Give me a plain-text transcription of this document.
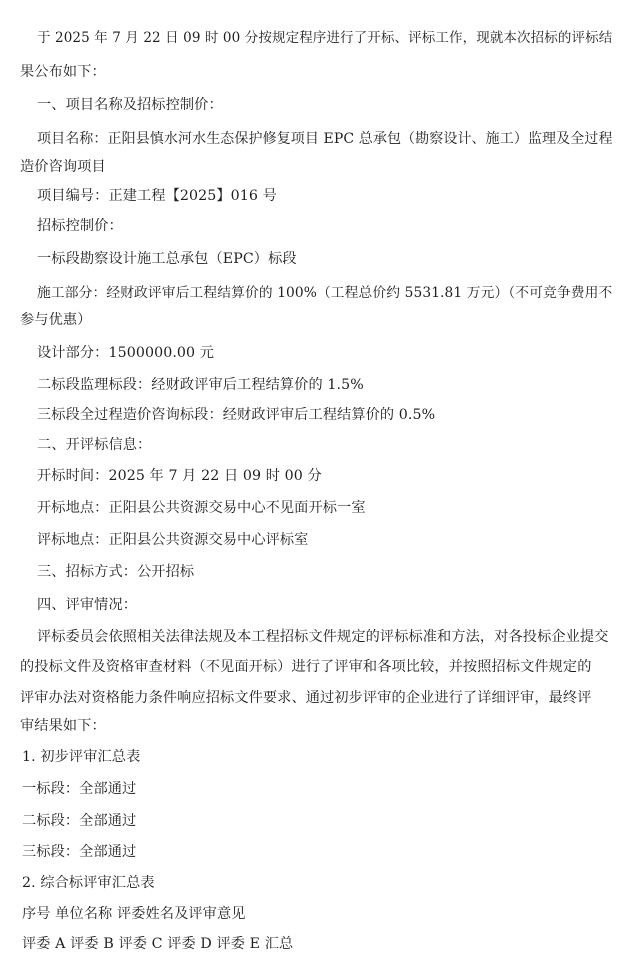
于 2025 年 7 月 22 日 09 时 00 分按规定程序进行了开标、评标工作，现就本次招标的评标结
果公布如下：
一、项目名称及招标控制价：
项目名称：正阳县慎水河水生态保护修复项目 EPC 总承包（勘察设计、施工）监理及全过程
造价咨询项目
项目编号：正建工程【2025】016 号
招标控制价：
一标段勘察设计施工总承包（EPC）标段
施工部分：经财政评审后工程结算价的 100%（工程总价约 5531.81 万元）（不可竞争费用不
参与优惠）
设计部分：1500000.00 元
二标段监理标段：经财政评审后工程结算价的 1.5%
三标段全过程造价咨询标段：经财政评审后工程结算价的 0.5%
二、开评标信息：
开标时间：2025 年 7 月 22 日 09 时 00 分
开标地点：正阳县公共资源交易中心不见面开标一室
评标地点：正阳县公共资源交易中心评标室
三、招标方式：公开招标
四、评审情况：
评标委员会依照相关法律法规及本工程招标文件规定的评标标准和方法，对各投标企业提交
的投标文件及资格审查材料（不见面开标）进行了评审和各项比较，并按照招标文件规定的
评审办法对资格能力条件响应招标文件要求、通过初步评审的企业进行了详细评审，最终评
审结果如下：
1. 初步评审汇总表
一标段：全部通过
二标段：全部通过
三标段：全部通过
2. 综合标评审汇总表
序号 单位名称 评委姓名及评审意见
评委 A 评委 B 评委 C 评委 D 评委 E 汇总
